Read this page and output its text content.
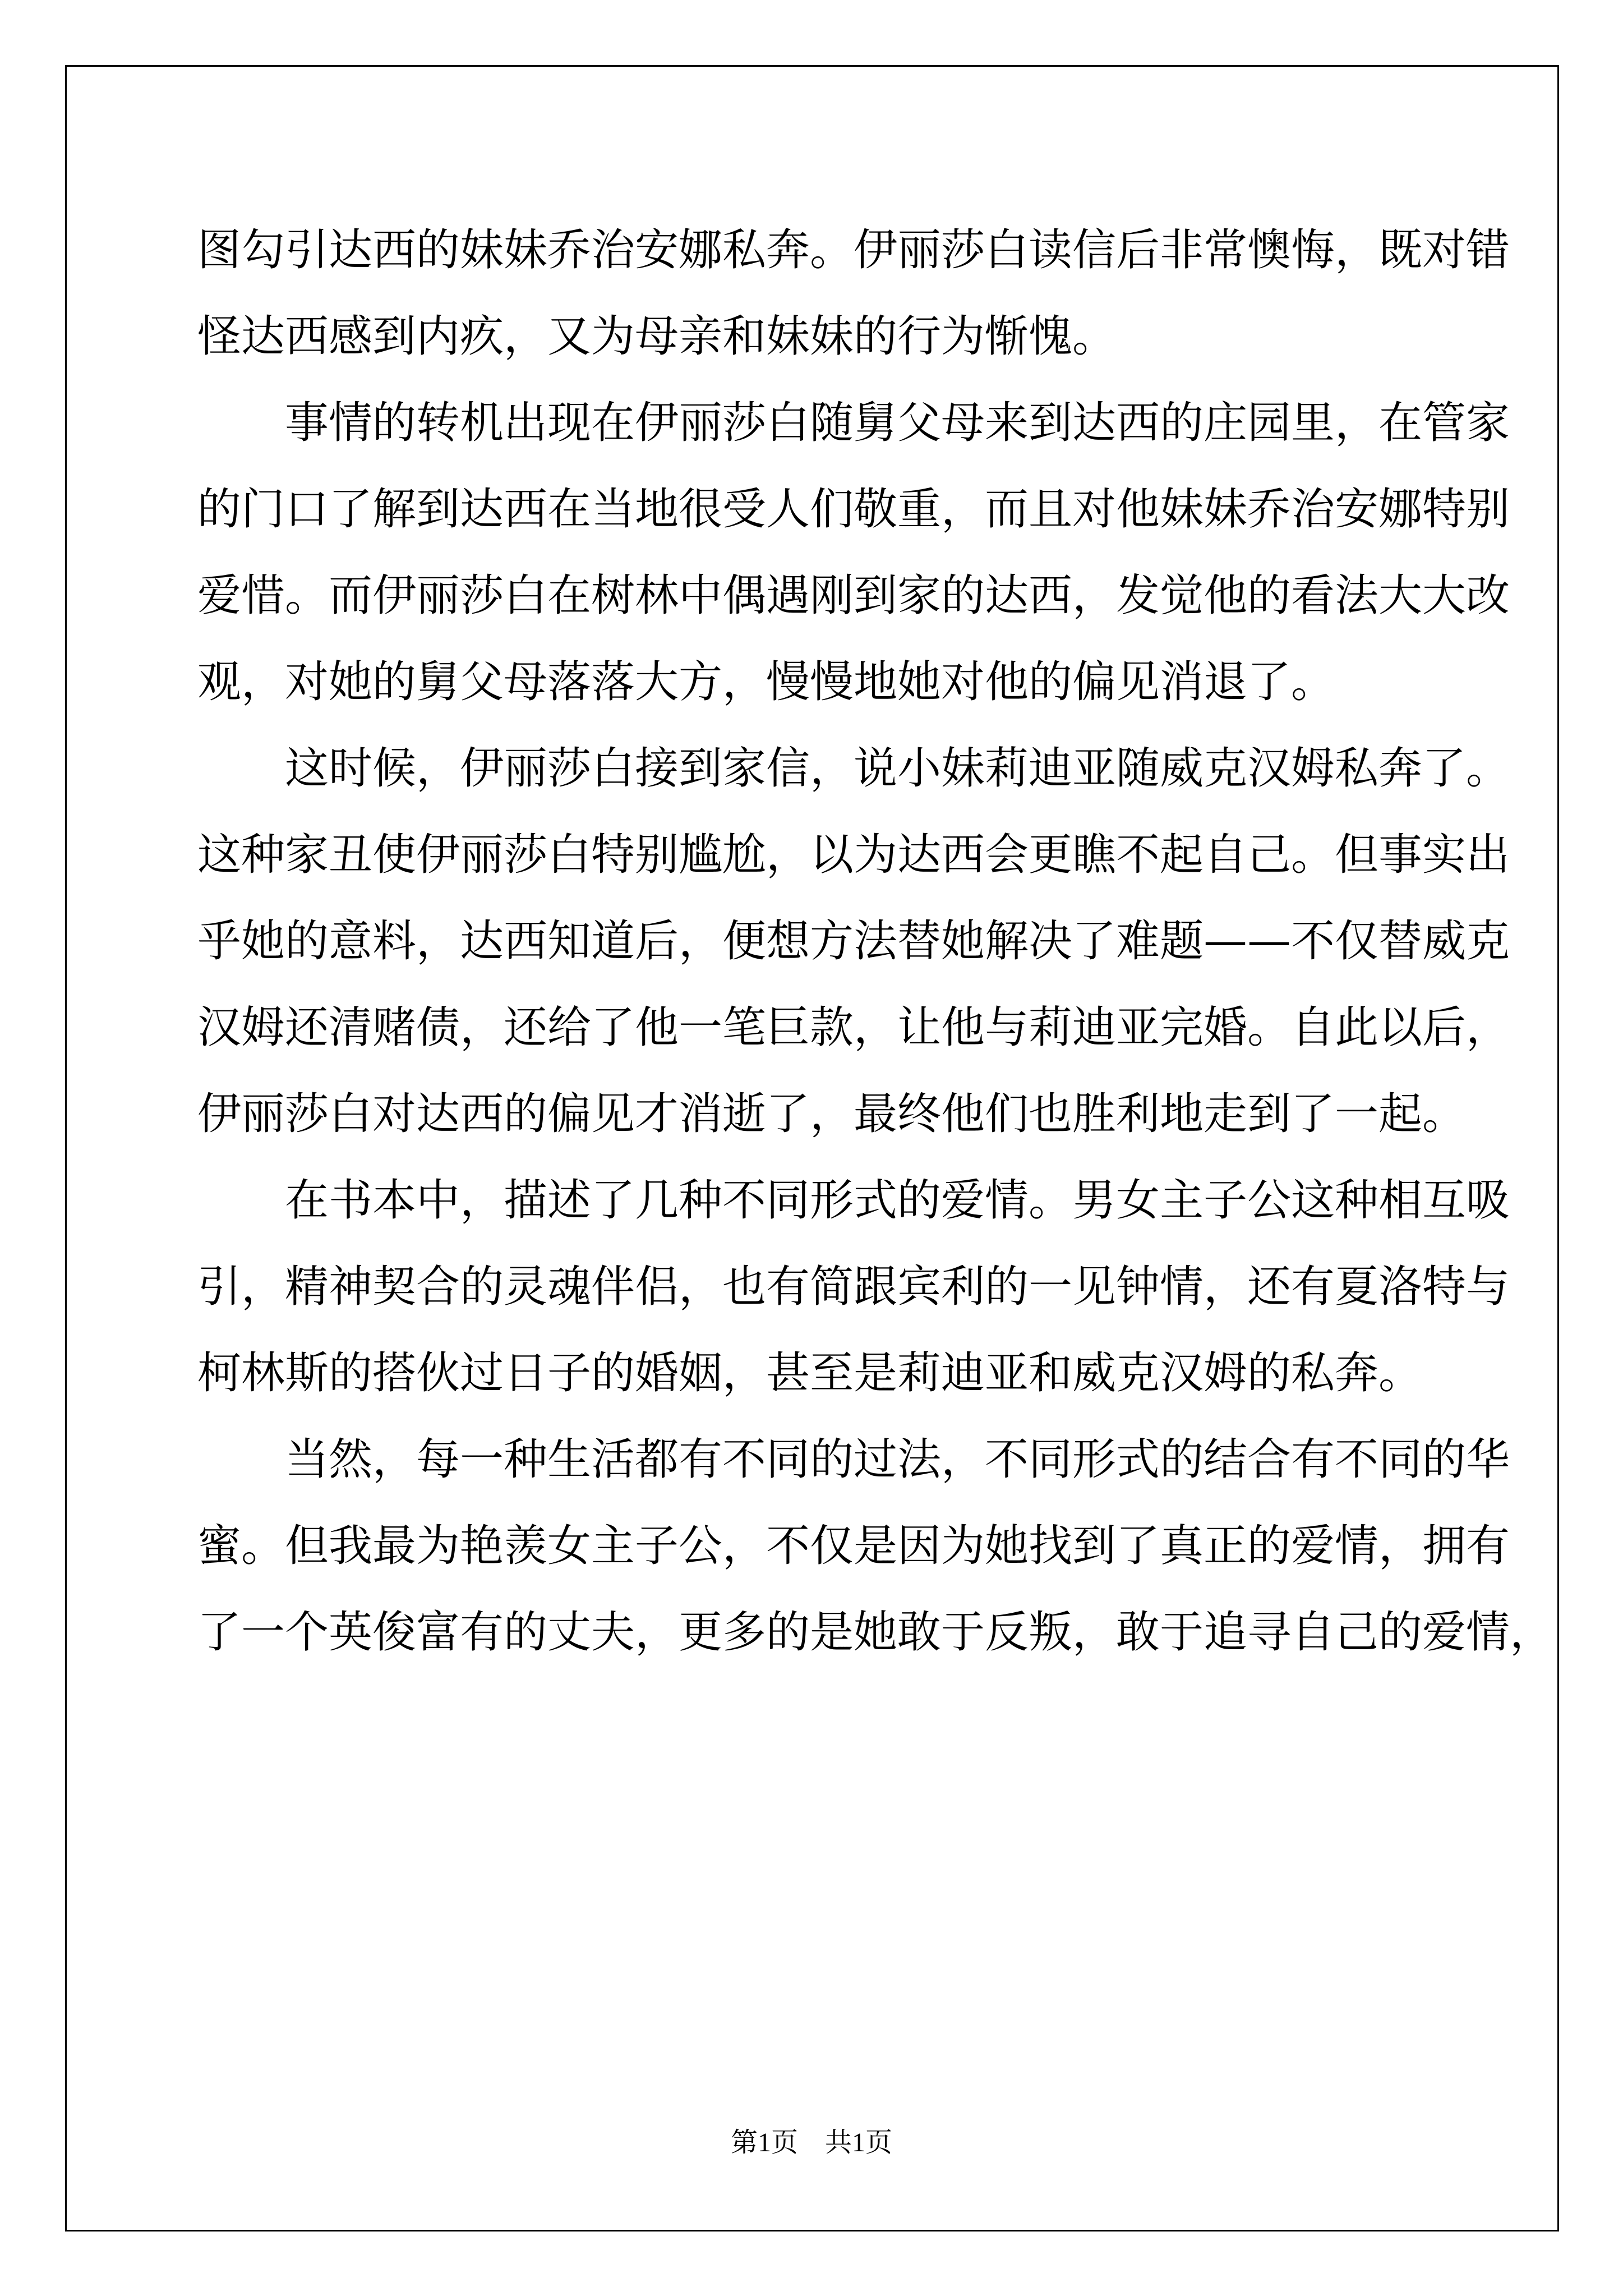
图勾引达西的妹妹乔治安娜私奔。伊丽莎白读信后非常懊悔，既对错
怪达西感到内疚，又为母亲和妹妹的行为惭愧。
事情的转机出现在伊丽莎白随舅父母来到达西的庄园里，在管家
的门口了解到达西在当地很受人们敬重，而且对他妹妹乔治安娜特别
爱惜。而伊丽莎白在树林中偶遇刚到家的达西，发觉他的看法大大改
观，对她的舅父母落落大方，慢慢地她对他的偏见消退了。
这时候，伊丽莎白接到家信，说小妹莉迪亚随威克汉姆私奔了。
这种家丑使伊丽莎白特别尴尬，以为达西会更瞧不起自己。但事实出
乎她的意料，达西知道后，便想方法替她解决了难题——不仅替威克
汉姆还清赌债，还给了他一笔巨款，让他与莉迪亚完婚。自此以后，
伊丽莎白对达西的偏见才消逝了，最终他们也胜利地走到了一起。
在书本中，描述了几种不同形式的爱情。男女主子公这种相互吸
引，精神契合的灵魂伴侣，也有简跟宾利的一见钟情，还有夏洛特与
柯林斯的搭伙过日子的婚姻，甚至是莉迪亚和威克汉姆的私奔。
当然，每一种生活都有不同的过法，不同形式的结合有不同的华
蜜。但我最为艳羡女主子公，不仅是因为她找到了真正的爱情，拥有
了一个英俊富有的丈夫，更多的是她敢于反叛，敢于追寻自己的爱情，
第1页　共1页
